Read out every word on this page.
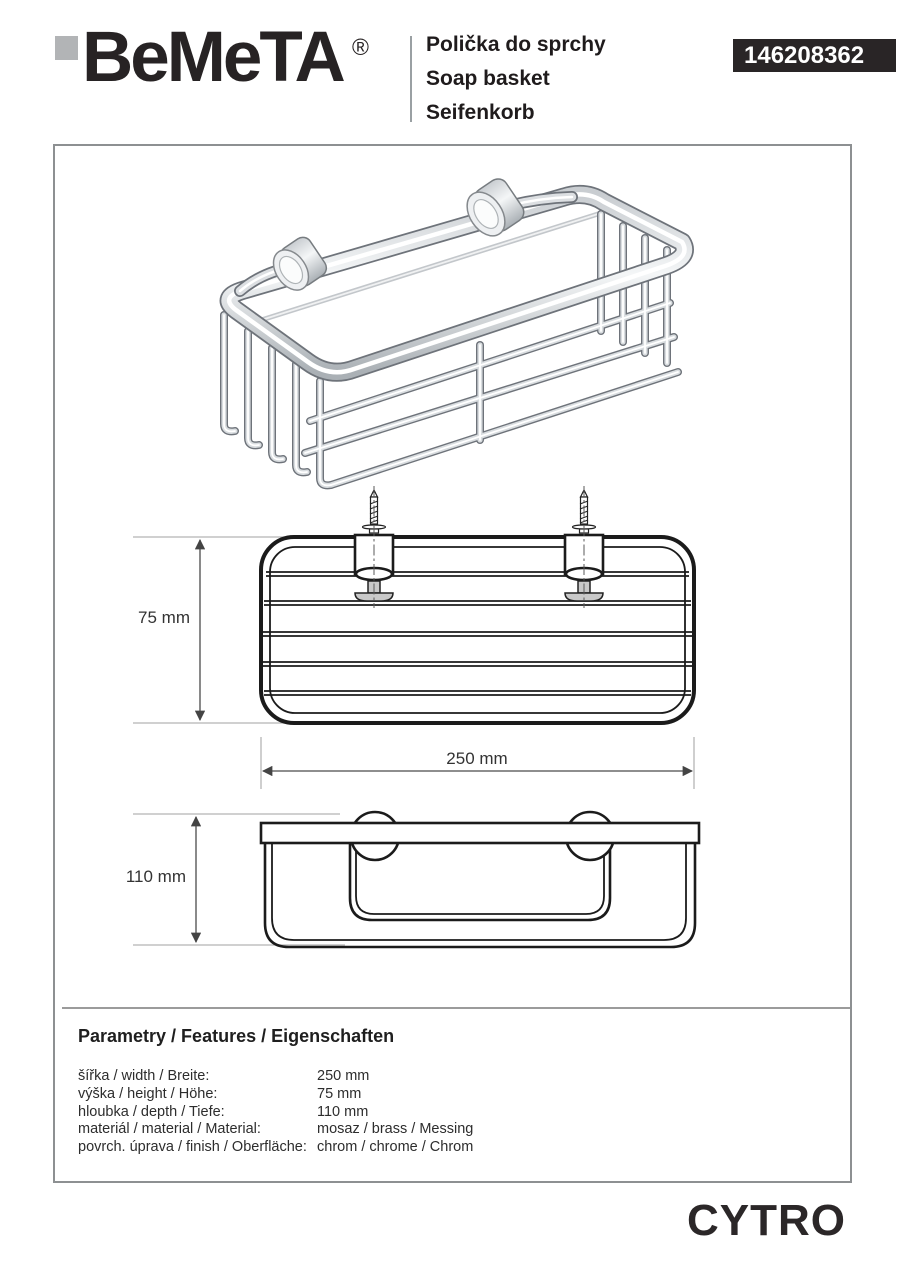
BeMeTA ®	Polička do sprchy
Soap basket
Seifenkorb
146208362
75 mm
250 mm
110 mm
Parametry / Features / Eigenschaften
šířka / width / Breite:	250 mm
výška / height / Höhe:	75 mm
hloubka / depth / Tiefe:	110 mm
materiál / material / Material:	mosaz / brass / Messing
povrch. úprava / finish / Oberfläche: chrom / chrome / Chrom
CYTRO
